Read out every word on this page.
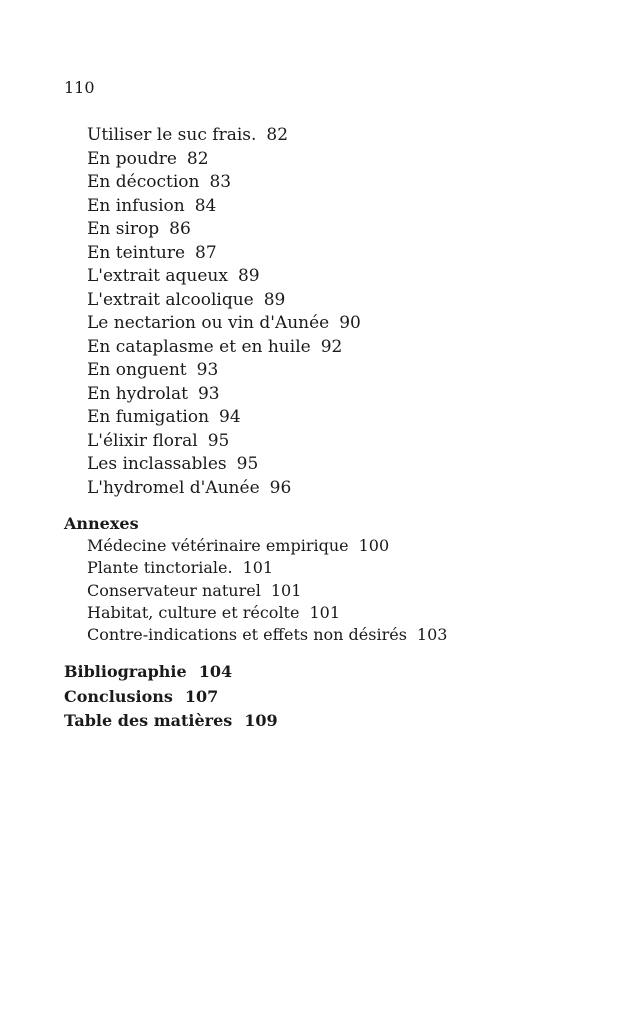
110
Utiliser le suc frais. 82
En poudre 82
En décoction 83
En infusion 84
En sirop 86
En teinture 87
L'extrait aqueux 89
L'extrait alcoolique 89
Le nectarion ou vin d'Aunée 90
En cataplasme et en huile 92
En onguent 93
En hydrolat 93
En fumigation 94
L'élixir floral 95
Les inclassables 95
L'hydromel d'Aunée 96
Annexes
Médecine vétérinaire empirique 100
Plante tinctoriale. 101
Conservateur naturel 101
Habitat, culture et récolte 101
Contre-indications et effets non désirés 103
Bibliographie 104
Conclusions 107
Table des matières 109
